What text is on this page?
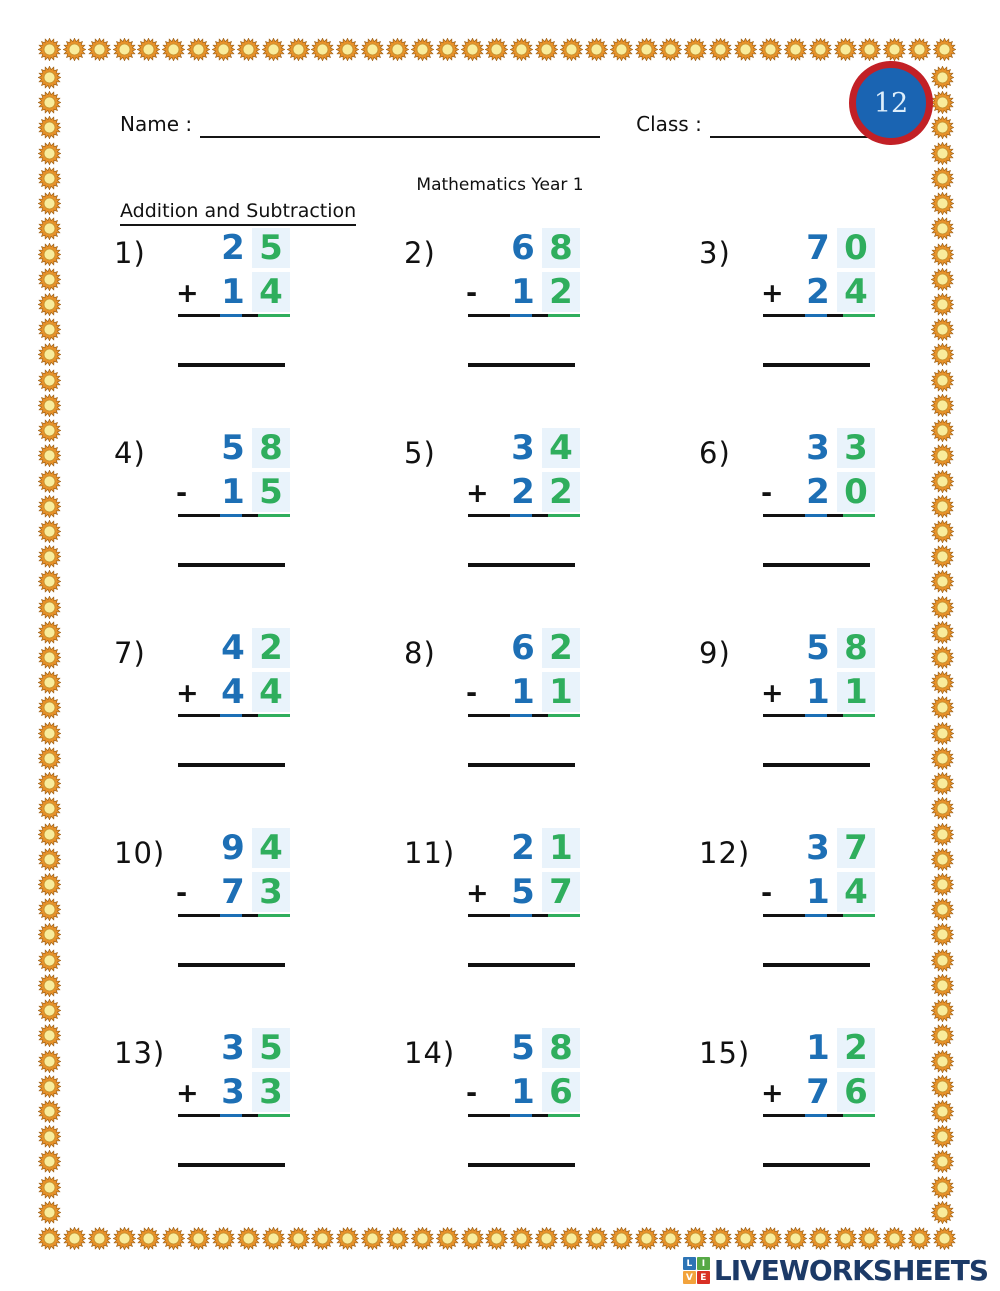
12
Name :	Class :
Mathematics Year 1
Addition and Subtraction
1) 2 5
+ 1 4
2) 6 8
- 1 2
3) 7 0
+ 2 4
4) 5 8
- 1 5
5) 3 4
+ 2 2
6) 3 3
- 2 0
7) 4 2
+ 4 4
8) 6 2
- 1 1
9) 5 8
+ 1 1
10) 9 4
- 7 3
11) 2 1
+ 5 7
12) 3 7
- 1 4
13) 3 5
+ 3 3
14) 5 8
- 1 6
15) 1 2
+ 7 6
L	I
V E LIVEWORKSHEETS
